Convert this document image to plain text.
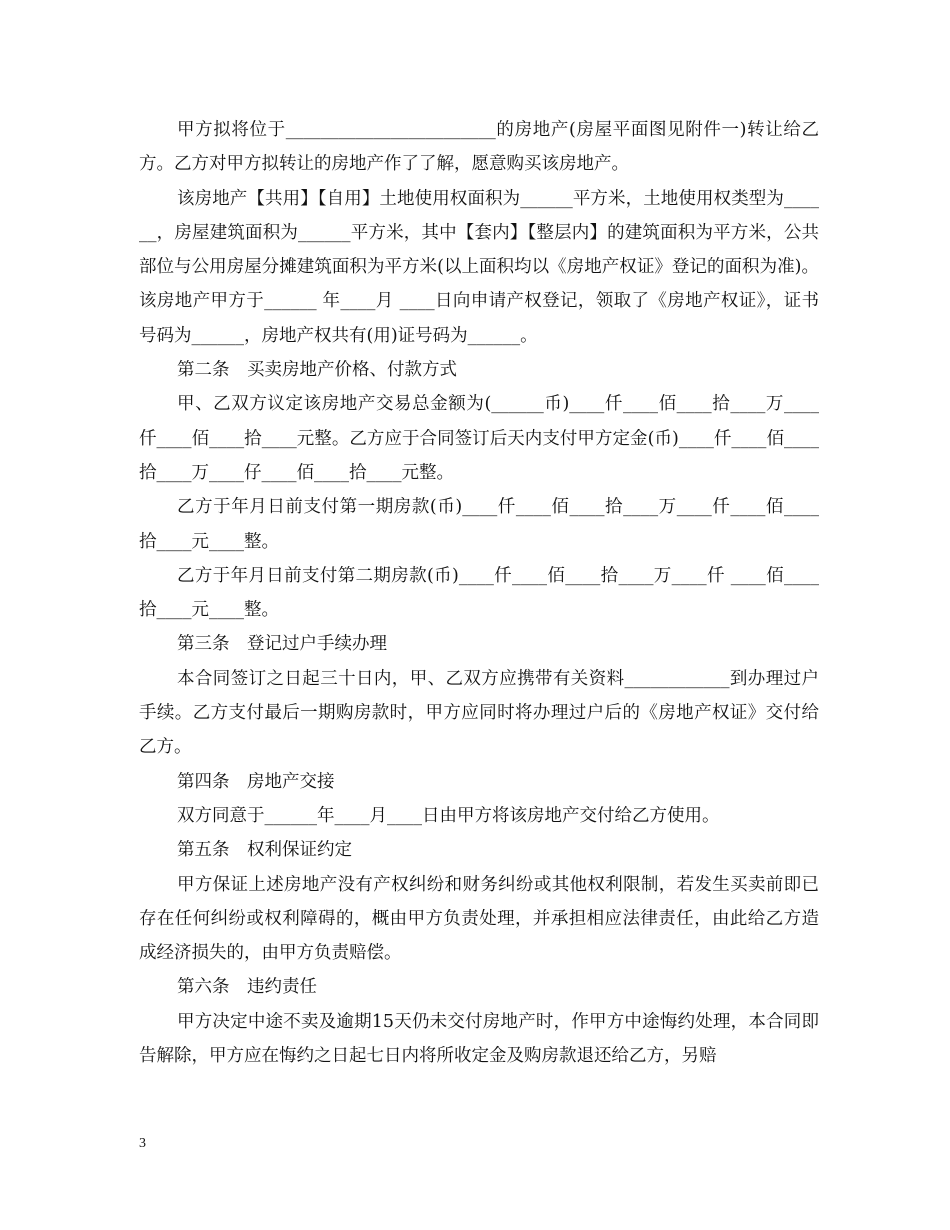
甲方拟将位于________________________的房地产(房屋平面图见附件一)转让给乙方。乙方对甲方拟转让的房地产作了了解，愿意购买该房地产。

该房地产【共用】【自用】土地使用权面积为______平方米，土地使用权类型为______，房屋建筑面积为______平方米，其中【套内】【整层内】的建筑面积为平方米，公共部位与公用房屋分摊建筑面积为平方米(以上面积均以《房地产权证》登记的面积为准)。该房地产甲方于______ 年____月 ____日向申请产权登记，领取了《房地产权证》，证书号码为______，房地产权共有(用)证号码为______。

第二条　买卖房地产价格、付款方式

甲、乙双方议定该房地产交易总金额为(______币)____仟____佰____拾____万____仟____佰____拾____元整。乙方应于合同签订后天内支付甲方定金(币)____仟____佰____拾____万____仔____佰____拾____元整。

乙方于年月日前支付第一期房款(币)____仟____佰____拾____万____仟____佰____拾____元____整。

乙方于年月日前支付第二期房款(币)____仟____佰____拾____万____仟 ____佰____拾____元____整。

第三条　登记过户手续办理

本合同签订之日起三十日内，甲、乙双方应携带有关资料____________到办理过户手续。乙方支付最后一期购房款时，甲方应同时将办理过户后的《房地产权证》交付给乙方。

第四条　房地产交接

双方同意于______年____月____日由甲方将该房地产交付给乙方使用。

第五条　权利保证约定

甲方保证上述房地产没有产权纠纷和财务纠纷或其他权利限制，若发生买卖前即已存在任何纠纷或权利障碍的，概由甲方负责处理，并承担相应法律责任，由此给乙方造成经济损失的，由甲方负责赔偿。

第六条　违约责任

甲方决定中途不卖及逾期15天仍未交付房地产时，作甲方中途悔约处理，本合同即告解除，甲方应在悔约之日起七日内将所收定金及购房款退还给乙方，另赔

3
